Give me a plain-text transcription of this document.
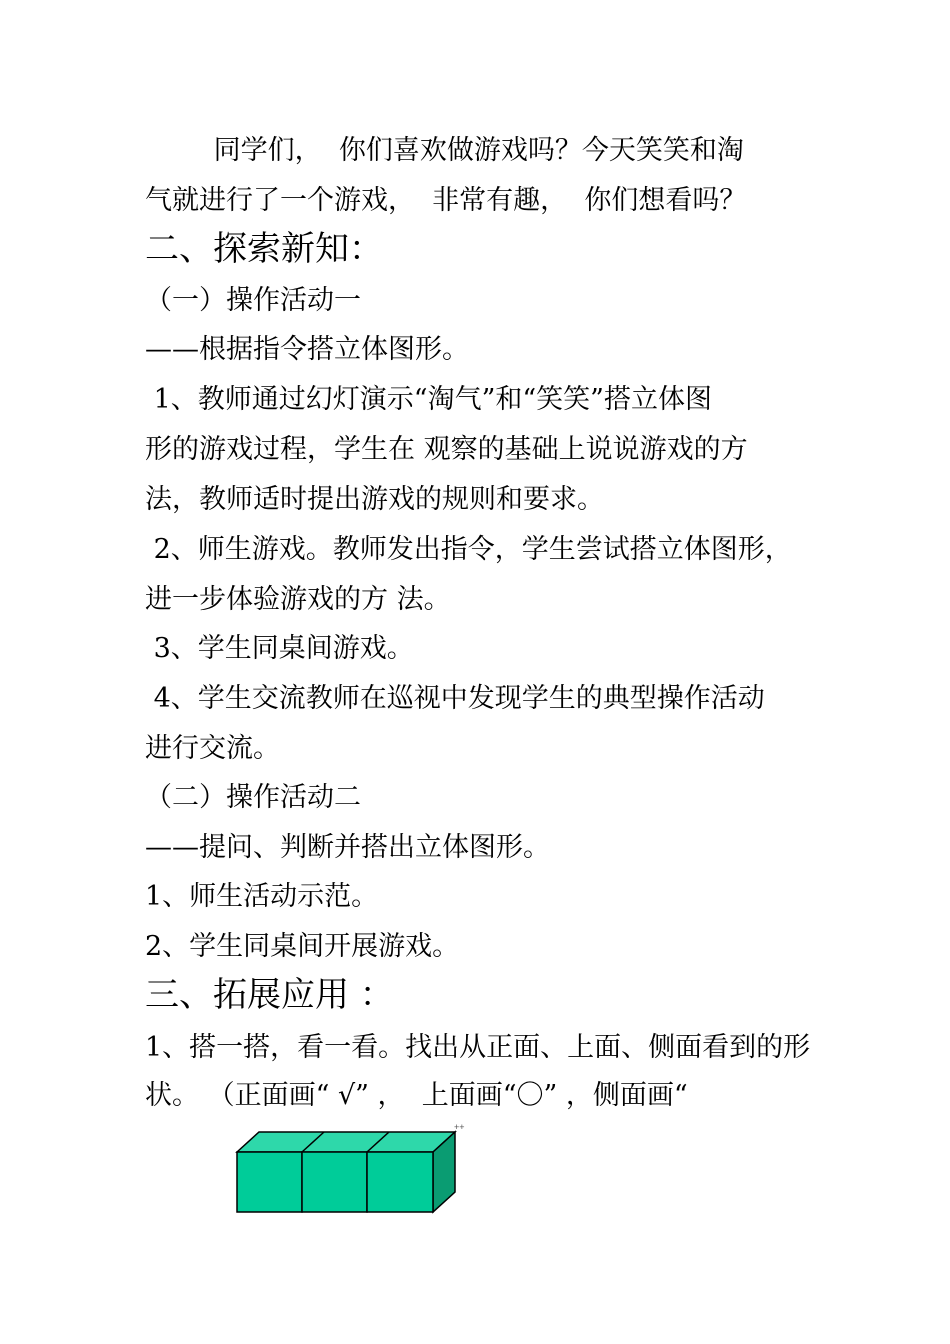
同学们，  你们喜欢做游戏吗？今天笑笑和淘
气就进行了一个游戏，  非常有趣，  你们想看吗？
二、探索新知：
（一）操作活动一
——根据指令搭立体图形。
1、教师通过幻灯演示“淘气”和“笑笑”搭立体图
形的游戏过程，学生在 观察的基础上说说游戏的方
法，教师适时提出游戏的规则和要求。
2、师生游戏。教师发出指令，学生尝试搭立体图形，
进一步体验游戏的方 法。
3、学生同桌间游戏。
4、学生交流教师在巡视中发现学生的典型操作活动
进行交流。
（二）操作活动二
——提问、判断并搭出立体图形。
1、师生活动示范。
2、学生同桌间开展游戏。
三、拓展应用 ：
1、搭一搭，看一看。找出从正面、上面、侧面看到的形
状。 （正面画“ √” ，  上面画“〇” ，侧面画“
++
